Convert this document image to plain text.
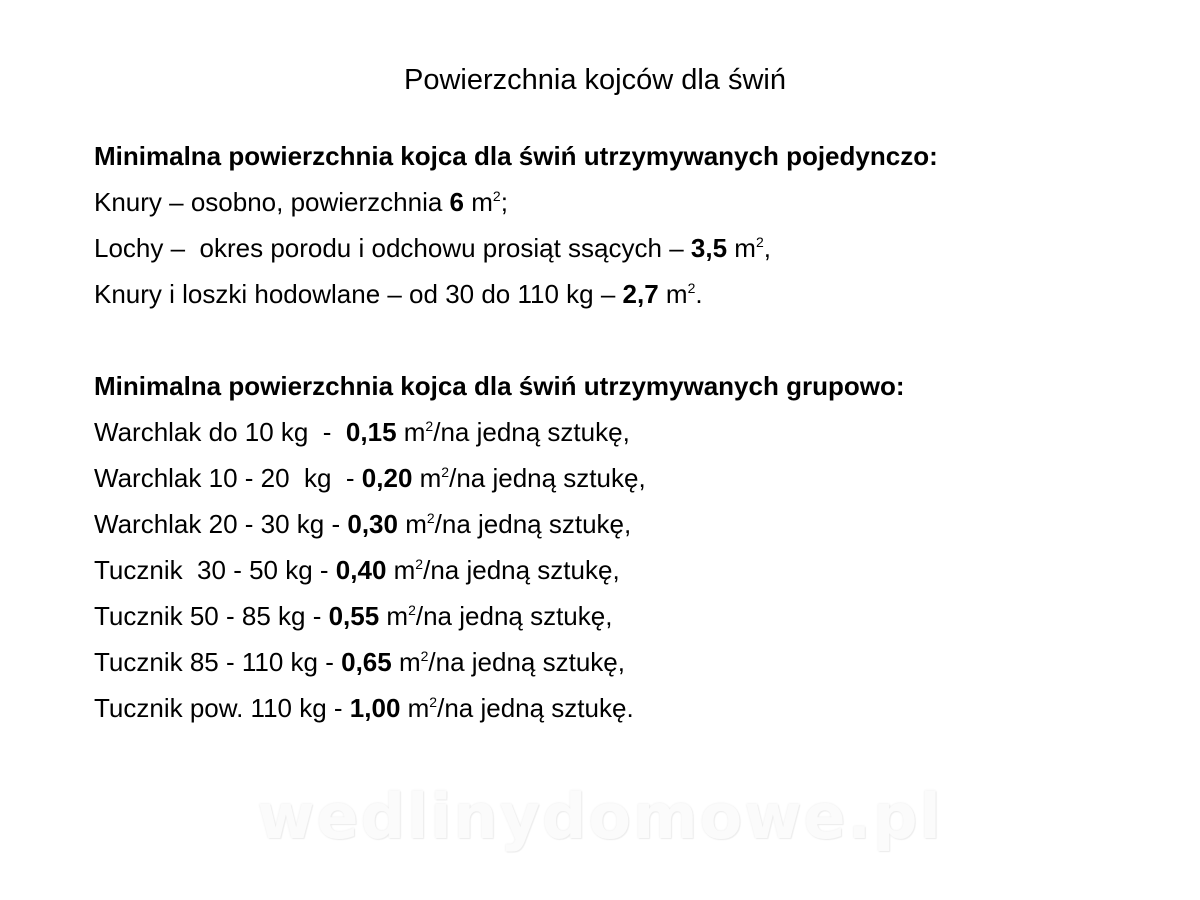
Powierzchnia kojców dla świń
Minimalna powierzchnia kojca dla świń utrzymywanych pojedynczo:
Knury – osobno, powierzchnia 6 $m^2$;
Lochy –  okres porodu i odchowu prosiąt ssących – 3,5 $m^2$,
Knury i loszki hodowlane – od 30 do 110 kg – 2,7 $m^2$.
Minimalna powierzchnia kojca dla świń utrzymywanych grupowo:
Warchlak do 10 kg  -  0,15 $m^2/na$ jedną sztukę,
Warchlak 10 - 20  kg  - 0,20 $m^2/na$ jedną sztukę,
Warchlak 20 - 30 kg - 0,30 $m^2/na$ jedną sztukę,
Tucznik  30 - 50 kg - 0,40 $m^2/na$ jedną sztukę,
Tucznik 50 - 85 kg - 0,55 $m^2/na$ jedną sztukę,
Tucznik 85 - 110 kg - 0,65 $m^2/na$ jedną sztukę,
Tucznik pow. 110 kg - 1,00 $m^2/na$ jedną sztukę.
wedlinydomowe.pl
